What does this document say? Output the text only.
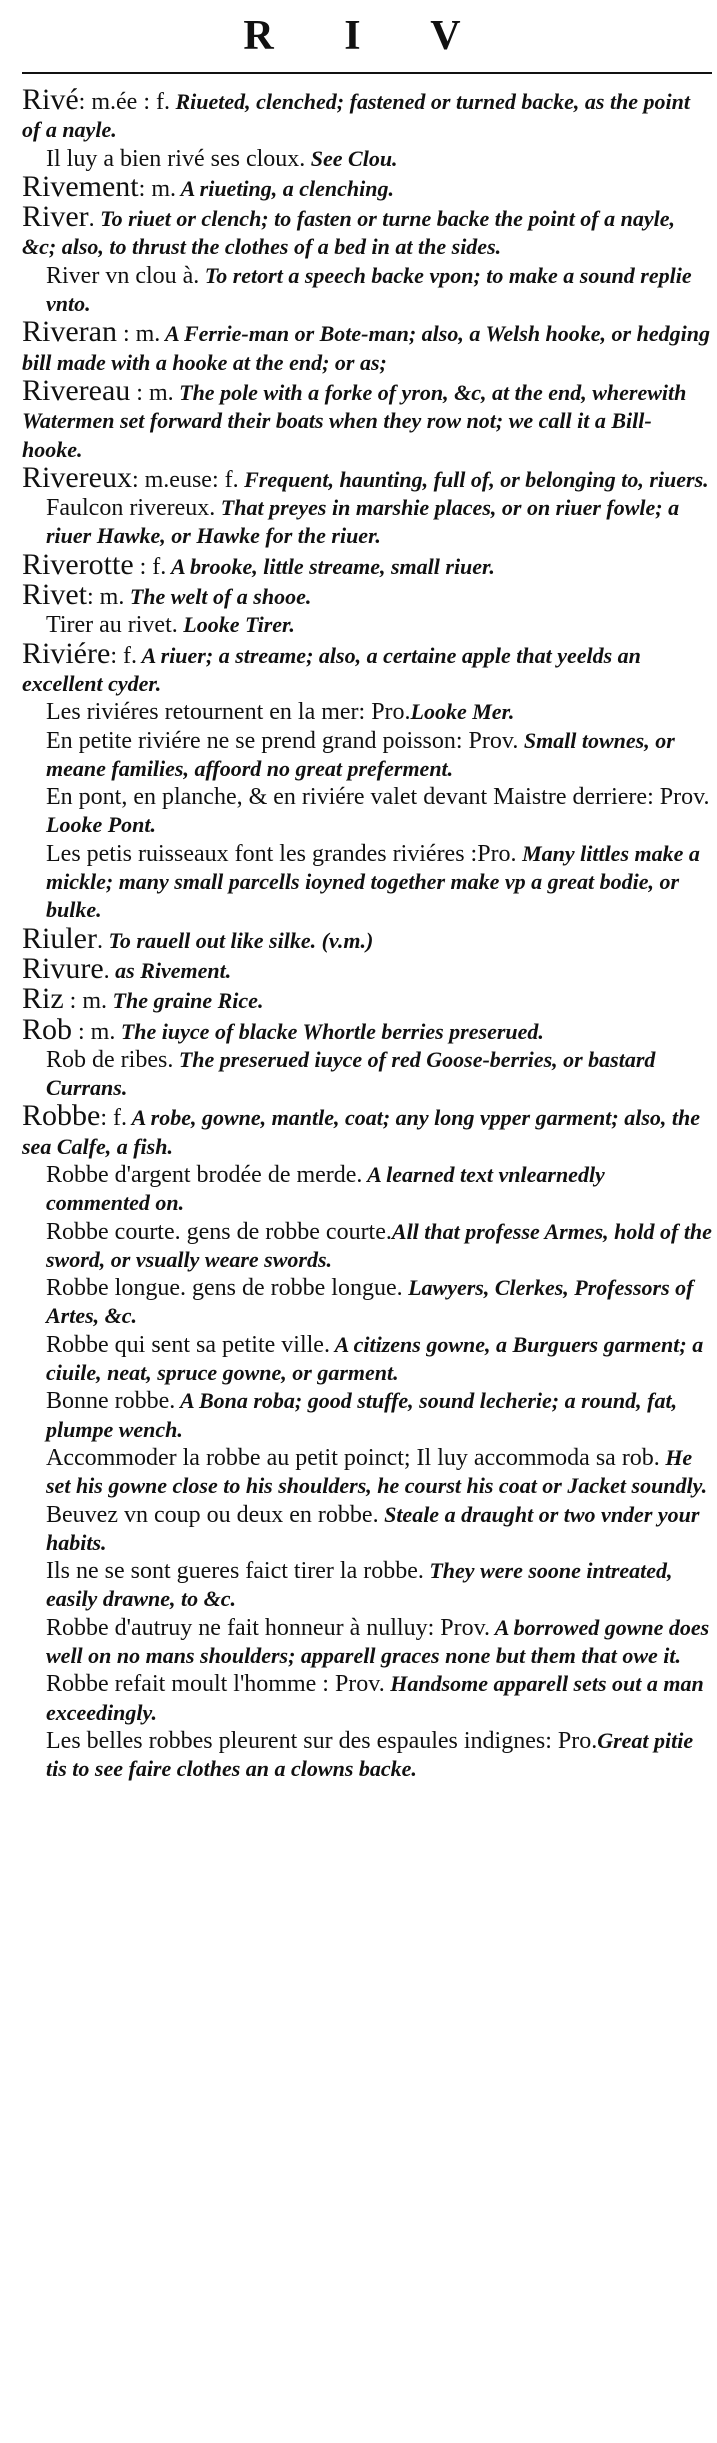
R I V

Rivé: m.ée : f. Riueted, clenched; fastened or turned backe, as the point of a nayle.

Il luy a bien rivé ses cloux. See Clou.

Rivement: m. A riueting, a clenching.

River. To riuet or clench; to fasten or turne backe the point of a nayle, &c; also, to thrust the clothes of a bed in at the sides.

River vn clou à. To retort a speech backe vpon; to make a sound replie vnto.

Riveran : m. A Ferrie-man or Bote-man; also, a Welsh hooke, or hedging bill made with a hooke at the end; or as;

Rivereau : m. The pole with a forke of yron, &c, at the end, wherewith Watermen set forward their boats when they row not; we call it a Bill-hooke.

Rivereux: m.euse: f. Frequent, haunting, full of, or belonging to, riuers.

Faulcon rivereux. That preyes in marshie places, or on riuer fowle; a riuer Hawke, or Hawke for the riuer.

Riverotte : f. A brooke, little streame, small riuer.

Rivet: m. The welt of a shooe.

Tirer au rivet. Looke Tirer.

Riviére: f. A riuer; a streame; also, a certaine apple that yeelds an excellent cyder.

Les riviéres retournent en la mer: Pro.Looke Mer.

En petite riviére ne se prend grand poisson: Prov. Small townes, or meane families, affoord no great preferment.

En pont, en planche, & en riviére valet devant Maistre derriere: Prov. Looke Pont.

Les petis ruisseaux font les grandes riviéres :Pro. Many littles make a mickle; many small parcells ioyned together make vp a great bodie, or bulke.

Riuler. To rauell out like silke. (v.m.)

Rivure. as Rivement.

Riz : m. The graine Rice.

Rob : m. The iuyce of blacke Whortle berries preserued.

Rob de ribes. The preserued iuyce of red Goose-berries, or bastard Currans.

Robbe: f. A robe, gowne, mantle, coat; any long vpper garment; also, the sea Calfe, a fish.

Robbe d'argent brodée de merde. A learned text vnlearnedly commented on.

Robbe courte. gens de robbe courte.All that professe Armes, hold of the sword, or vsually weare swords.

Robbe longue. gens de robbe longue. Lawyers, Clerkes, Professors of Artes, &c.

Robbe qui sent sa petite ville. A citizens gowne, a Burguers garment; a ciuile, neat, spruce gowne, or garment.

Bonne robbe. A Bona roba; good stuffe, sound lecherie; a round, fat, plumpe wench.

Accommoder la robbe au petit poinct; Il luy accommoda sa rob. He set his gowne close to his shoulders, he courst his coat or Jacket soundly.

Beuvez vn coup ou deux en robbe. Steale a draught or two vnder your habits.

Ils ne se sont gueres faict tirer la robbe. They were soone intreated, easily drawne, to &c.

Robbe d'autruy ne fait honneur à nulluy: Prov. A borrowed gowne does well on no mans shoulders; apparell graces none but them that owe it.

Robbe refait moult l'homme : Prov. Handsome apparell sets out a man exceedingly.

Les belles robbes pleurent sur des espaules indignes: Pro.Great pitie tis to see faire clothes an a clowns backe.
